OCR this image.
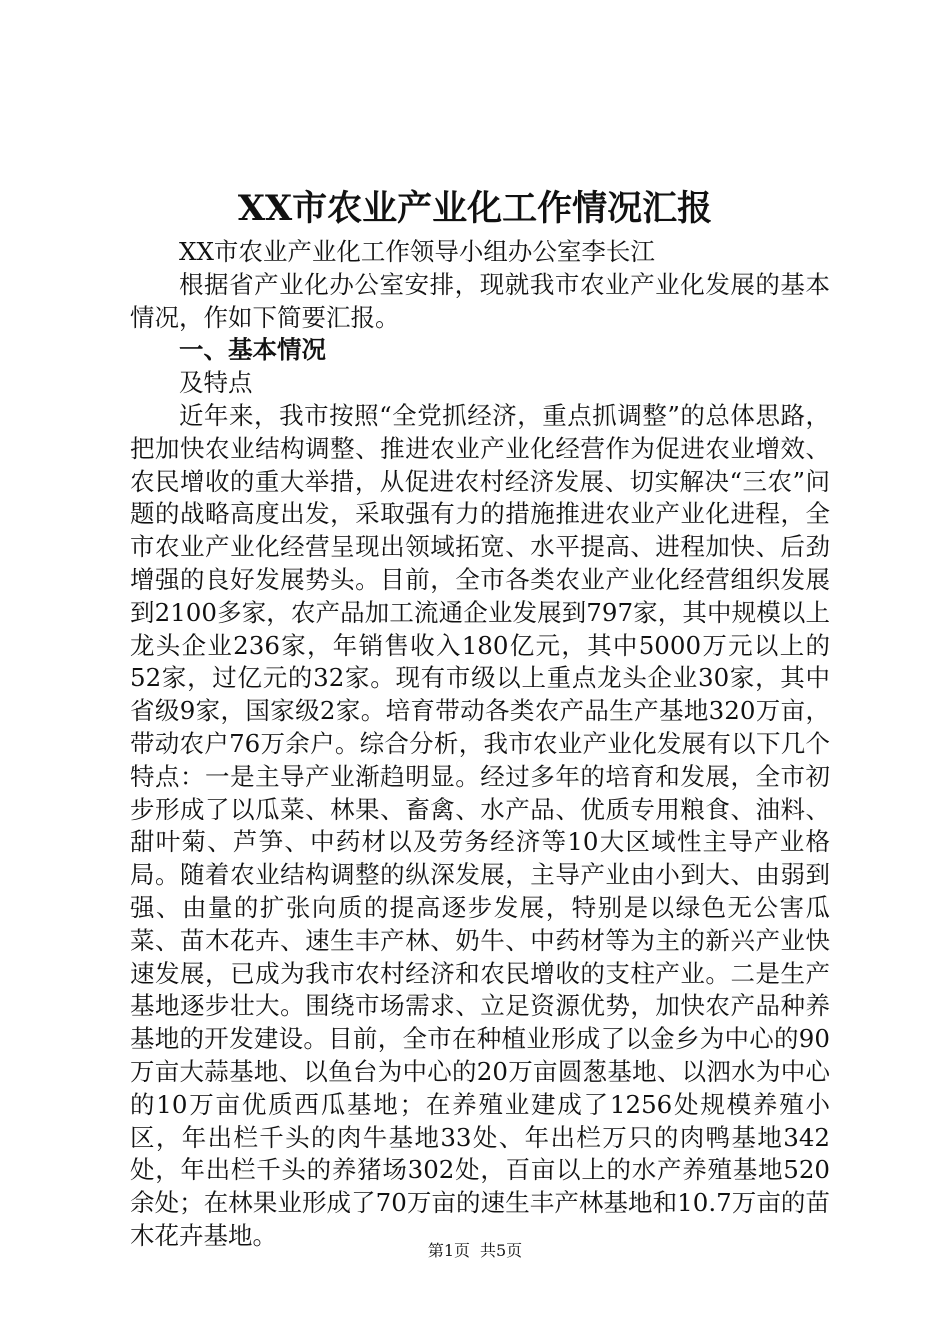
XX市农业产业化工作情况汇报

XX市农业产业化工作领导小组办公室李长江

根据省产业化办公室安排，现就我市农业产业化发展的基本情况，作如下简要汇报。

一、基本情况

及特点

近年来，我市按照“全党抓经济，重点抓调整”的总体思路，把加快农业结构调整、推进农业产业化经营作为促进农业增效、农民增收的重大举措，从促进农村经济发展、切实解决“三农”问题的战略高度出发，采取强有力的措施推进农业产业化进程，全市农业产业化经营呈现出领域拓宽、水平提高、进程加快、后劲增强的良好发展势头。目前，全市各类农业产业化经营组织发展到2100多家，农产品加工流通企业发展到797家，其中规模以上龙头企业236家，年销售收入180亿元，其中5000万元以上的52家，过亿元的32家。现有市级以上重点龙头企业30家，其中省级9家，国家级2家。培育带动各类农产品生产基地320万亩，带动农户76万余户。综合分析，我市农业产业化发展有以下几个特点：一是主导产业渐趋明显。经过多年的培育和发展，全市初步形成了以瓜菜、林果、畜禽、水产品、优质专用粮食、油料、甜叶菊、芦笋、中药材以及劳务经济等10大区域性主导产业格局。随着农业结构调整的纵深发展，主导产业由小到大、由弱到强、由量的扩张向质的提高逐步发展，特别是以绿色无公害瓜菜、苗木花卉、速生丰产林、奶牛、中药材等为主的新兴产业快速发展，已成为我市农村经济和农民增收的支柱产业。二是生产基地逐步壮大。围绕市场需求、立足资源优势，加快农产品种养基地的开发建设。目前，全市在种植业形成了以金乡为中心的90万亩大蒜基地、以鱼台为中心的20万亩圆葱基地、以泗水为中心的10万亩优质西瓜基地；在养殖业建成了1256处规模养殖小区，年出栏千头的肉牛基地33处、年出栏万只的肉鸭基地342处，年出栏千头的养猪场302处，百亩以上的水产养殖基地520余处；在林果业形成了70万亩的速生丰产林基地和10.7万亩的苗木花卉基地。

第1页 共5页
